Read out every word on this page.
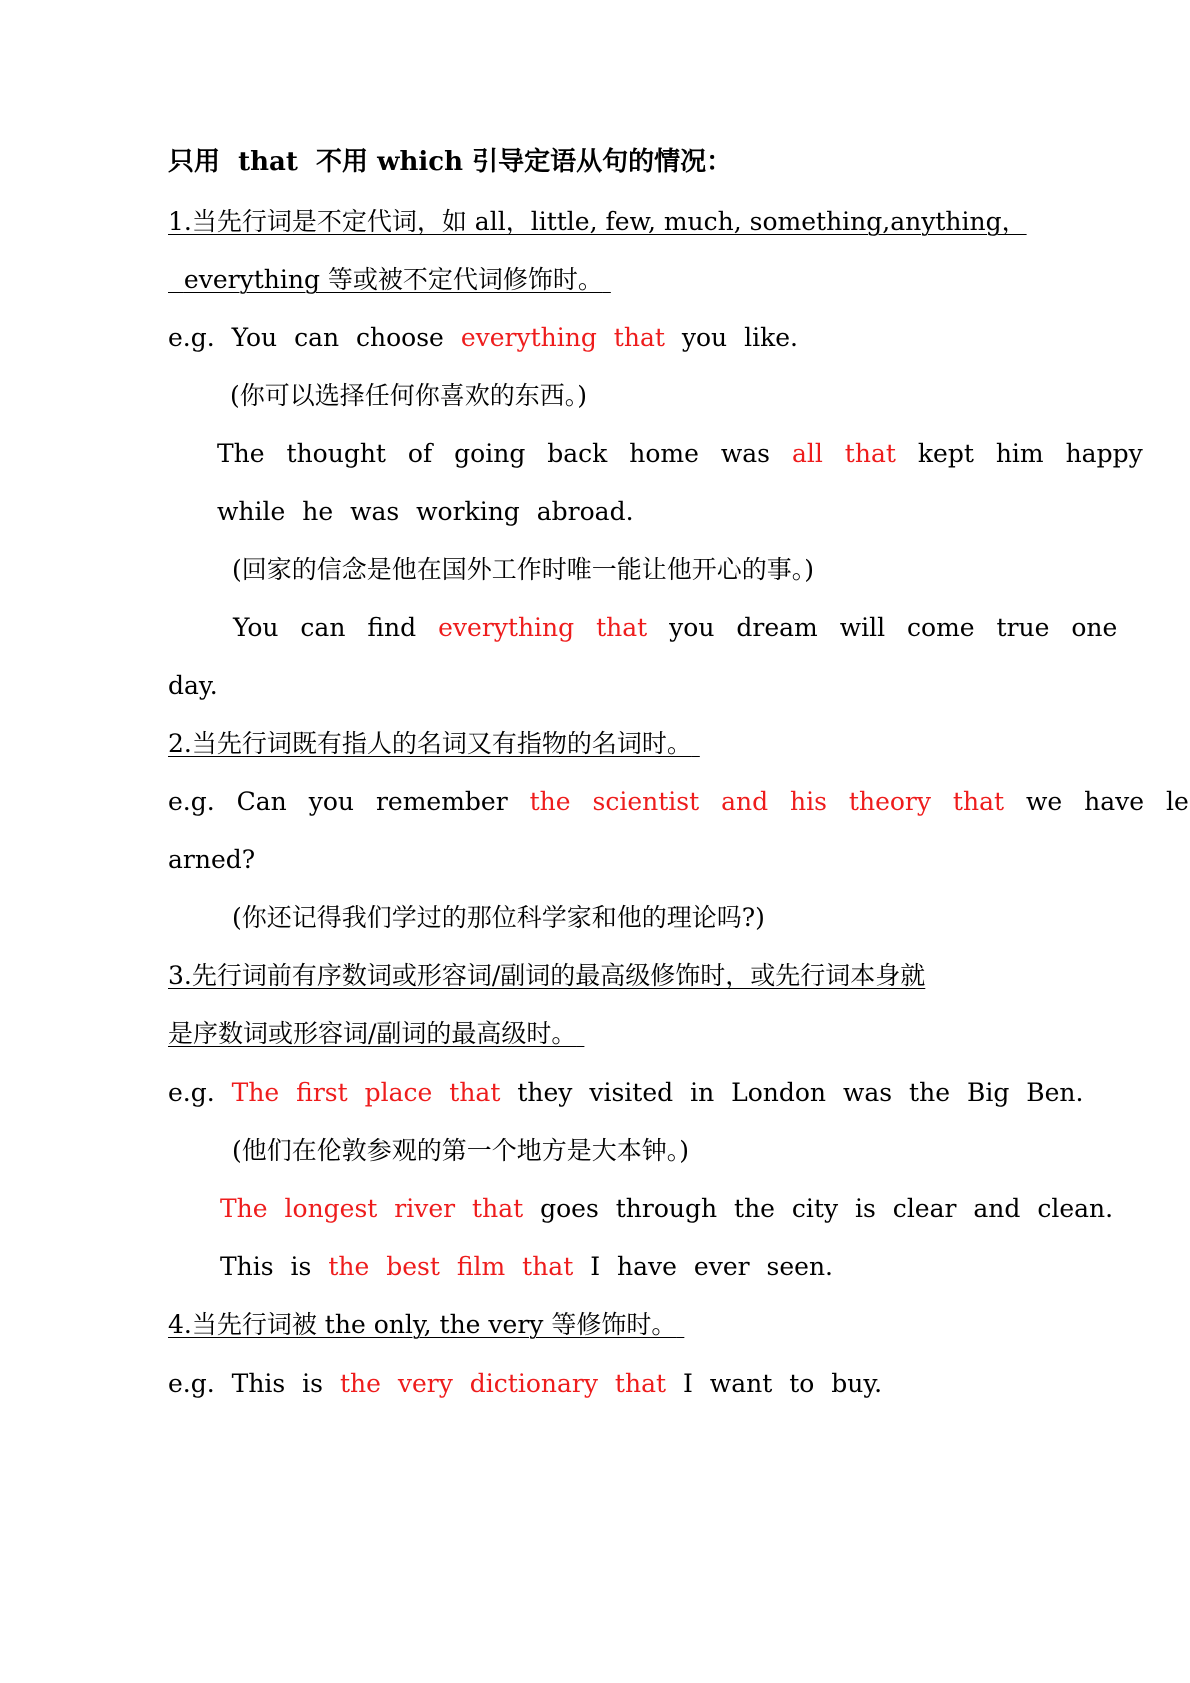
只用 that 不用 which 引导定语从句的情况：
1.当先行词是不定代词，如 all，little, few, much, something,anything，
everything 等或被不定代词修饰时。
e.g. You can choose everything that you like.
(你可以选择任何你喜欢的东西。)
The thought of going back home was all that kept him happy
while he was working abroad.
(回家的信念是他在国外工作时唯一能让他开心的事。)
You can find everything that you dream will come true one
day.
2.当先行词既有指人的名词又有指物的名词时。
e.g. Can you remember the scientist and his theory that we have le
arned?
(你还记得我们学过的那位科学家和他的理论吗?)
3.先行词前有序数词或形容词/副词的最高级修饰时，或先行词本身就
是序数词或形容词/副词的最高级时。
e.g. The first place that they visited in London was the Big Ben.
(他们在伦敦参观的第一个地方是大本钟。)
The longest river that goes through the city is clear and clean.
This is the best film that I have ever seen.
4.当先行词被 the only, the very 等修饰时。
e.g. This is the very dictionary that I want to buy.
